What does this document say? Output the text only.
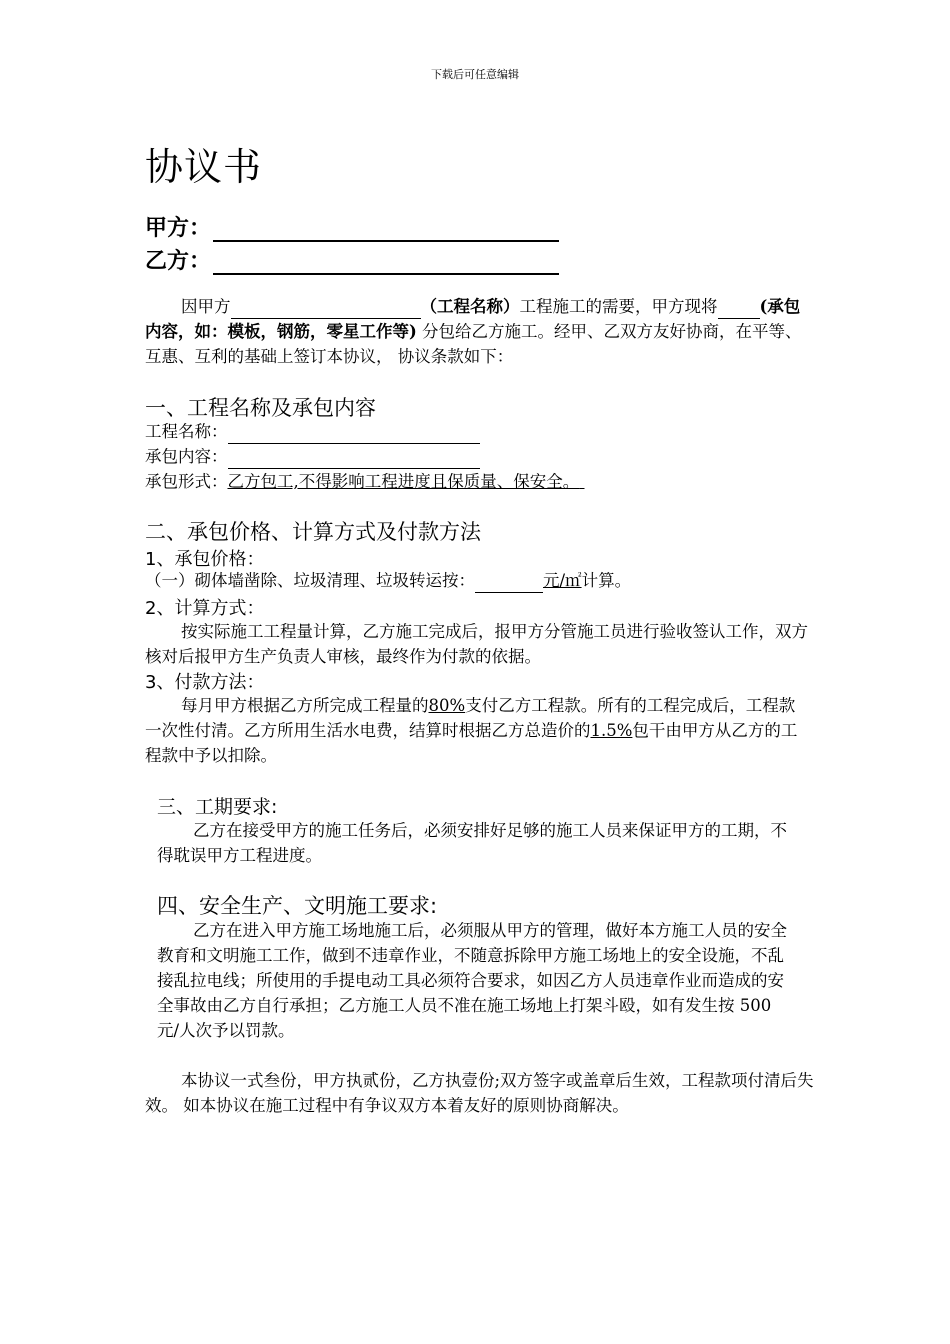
下载后可任意编辑
协议书
甲方：
乙方：
因甲方	（工程名称）工程施工的需要，甲方现将	(承包内容，如：模板，钢筋，零星工作等) 分包给乙方施工。经甲、乙双方友好协商，在平等、互惠、互利的基础上签订本协议， 协议条款如下：
一、工程名称及承包内容
工程名称：
承包内容：
承包形式：乙方包工,不得影响工程进度且保质量、保安全。
二、承包价格、计算方式及付款方法
1、承包价格：
（一）砌体墙凿除、垃圾清理、垃圾转运按：	元/㎡计算。
2、计算方式：
按实际施工工程量计算，乙方施工完成后，报甲方分管施工员进行验收签认工作，双方核对后报甲方生产负责人审核，最终作为付款的依据。
3、付款方法：
每月甲方根据乙方所完成工程量的80%支付乙方工程款。所有的工程完成后，工程款一次性付清。乙方所用生活水电费，结算时根据乙方总造价的1.5%包干由甲方从乙方的工程款中予以扣除。
三、工期要求:
乙方在接受甲方的施工任务后，必须安排好足够的施工人员来保证甲方的工期，不得耽误甲方工程进度。
四、安全生产、文明施工要求:
乙方在进入甲方施工场地施工后，必须服从甲方的管理，做好本方施工人员的安全教育和文明施工工作，做到不违章作业，不随意拆除甲方施工场地上的安全设施，不乱接乱拉电线；所使用的手提电动工具必须符合要求，如因乙方人员违章作业而造成的安全事故由乙方自行承担；乙方施工人员不准在施工场地上打架斗殴，如有发生按 500 元/人次予以罚款。
本协议一式叁份，甲方执贰份，乙方执壹份;双方签字或盖章后生效，工程款项付清后失效。 如本协议在施工过程中有争议双方本着友好的原则协商解决。
